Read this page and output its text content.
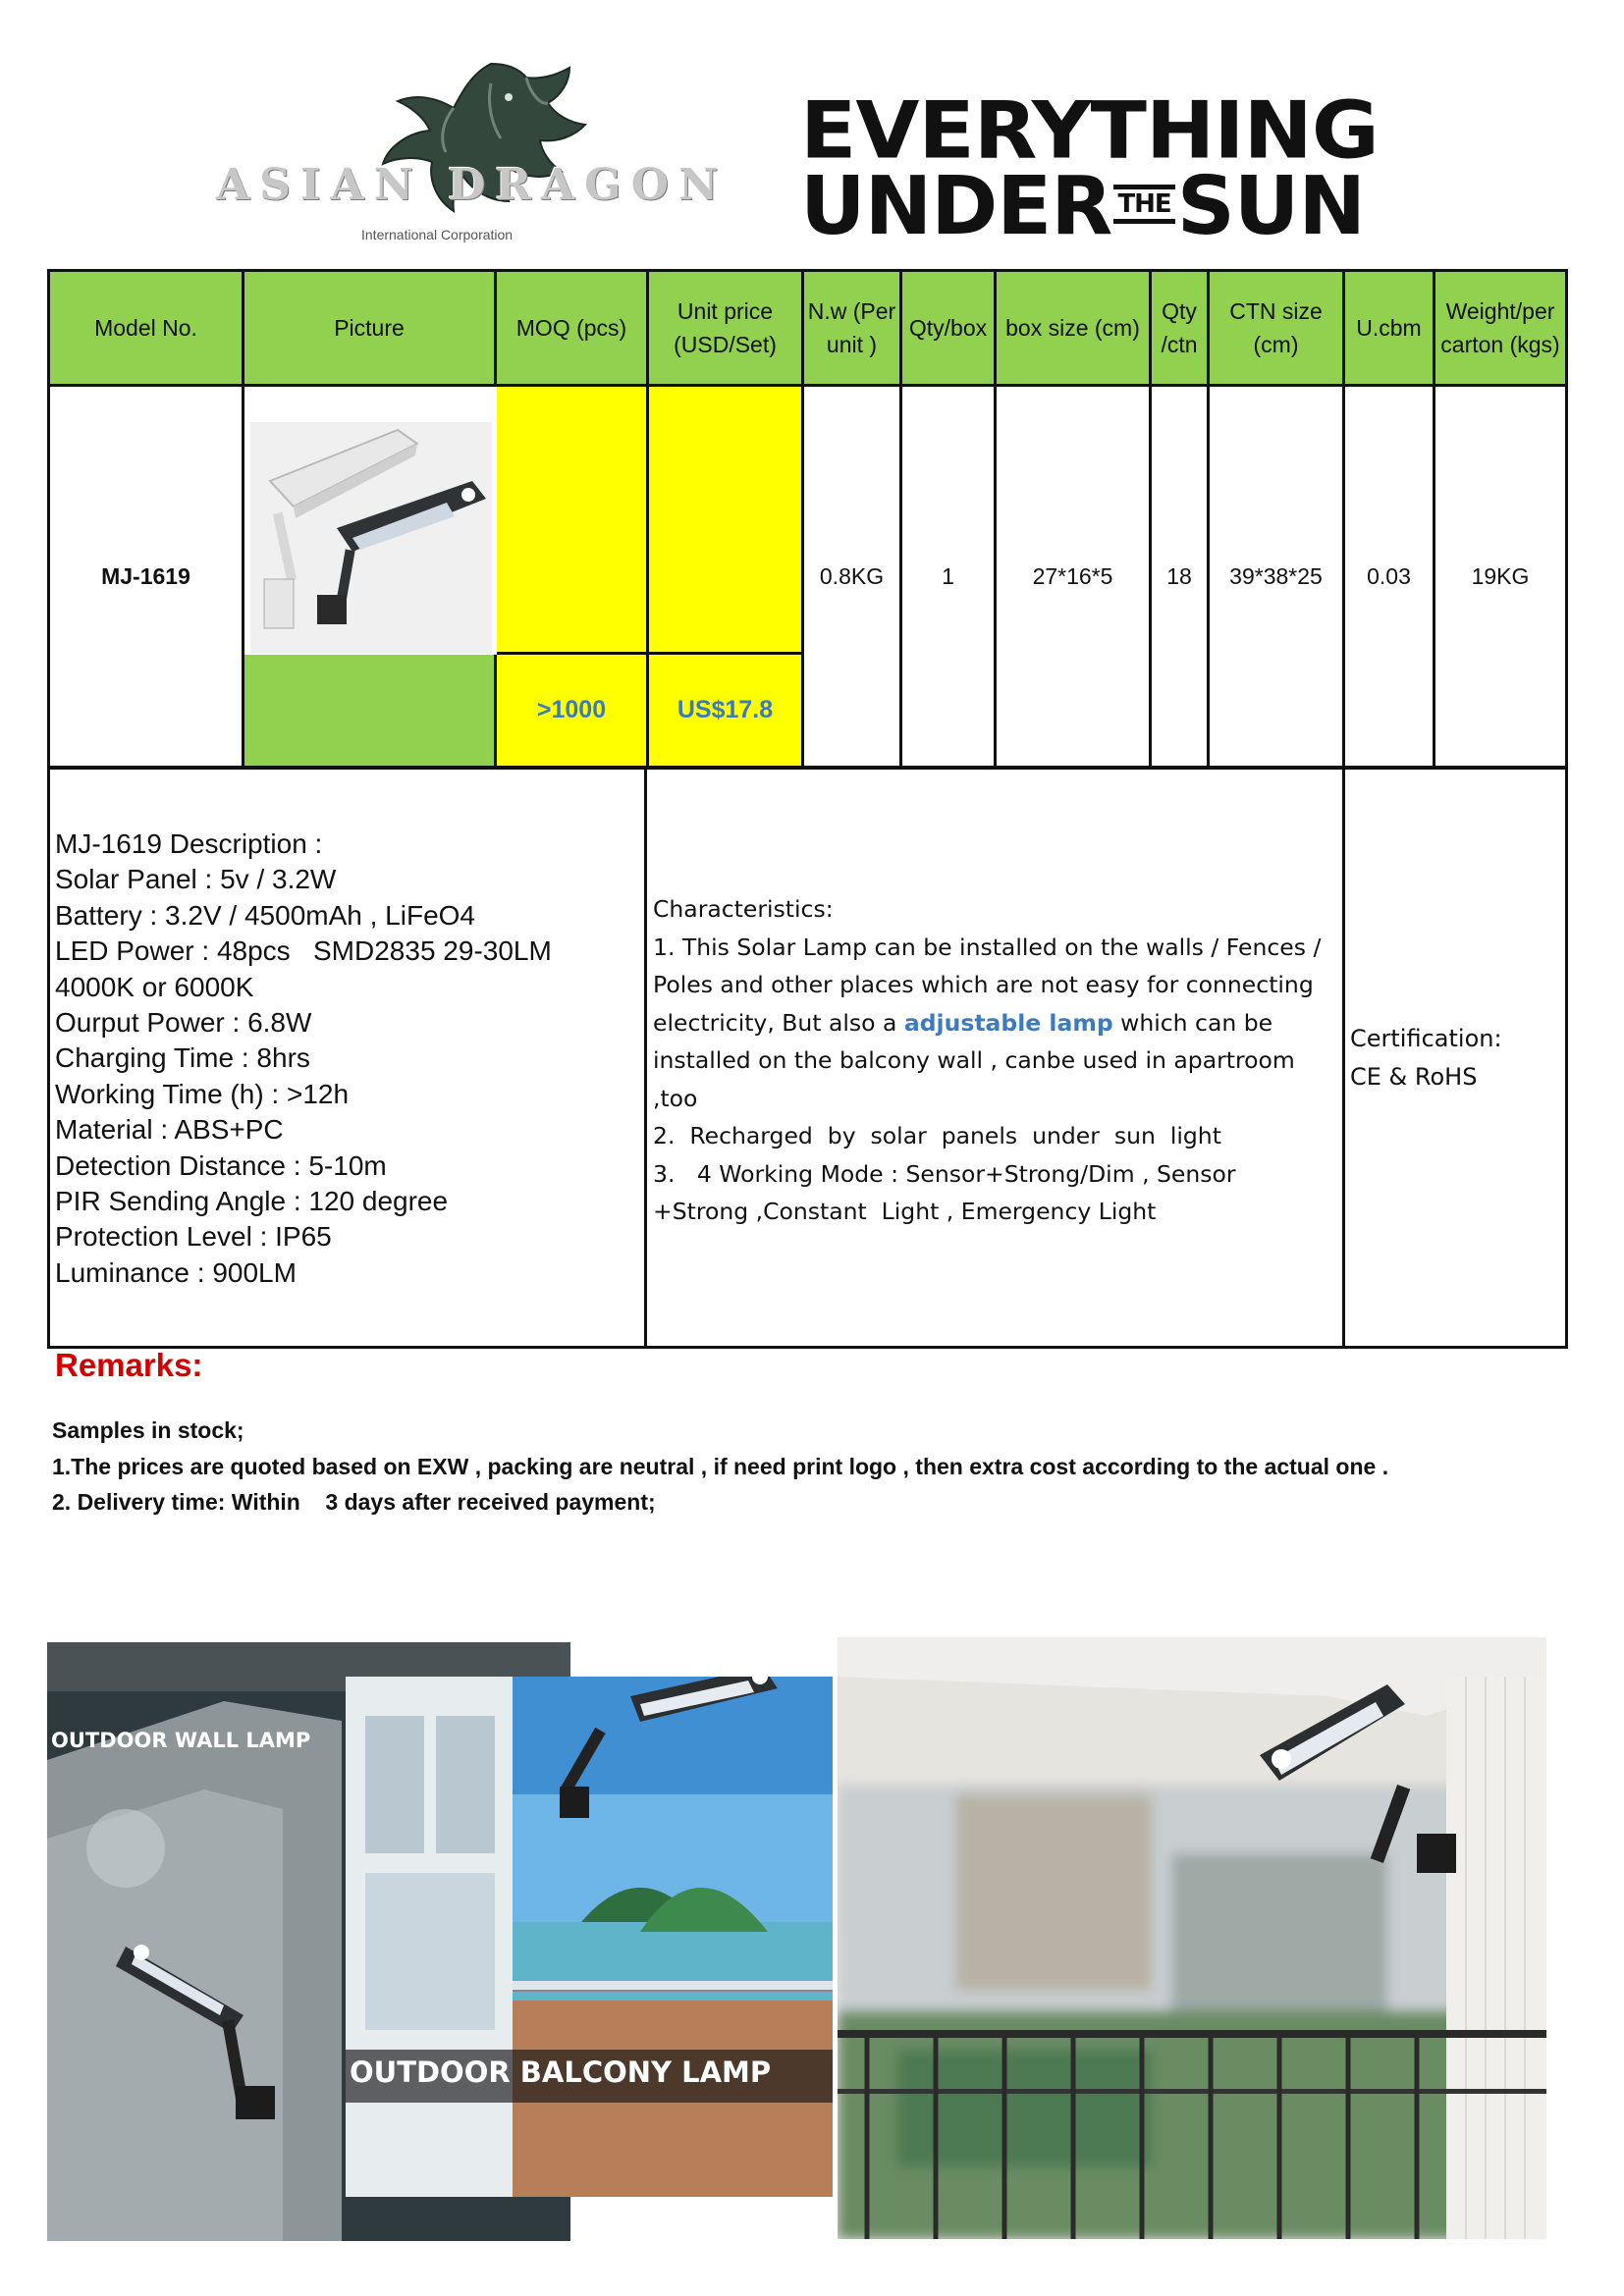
ASIAN DRAGON
International Corporation
EVERYTHING
UNDER THESUN
Model No.	Picture	MOQ (pcs)	Unit price (USD/Set)	N.w (Per unit )	Qty/box	box size (cm)	Qty /ctn	CTN size (cm)	U.cbm	Weight/per carton (kgs)
MJ-1619				0.8KG	1	27*16*5	18	39*38*25	0.03	19KG
		>1000	US$17.8							
MJ-1619 Description :
Solar Panel : 5v / 3.2W
Battery : 3.2V / 4500mAh , LiFeO4
LED Power : 48pcs   SMD2835 29-30LM
4000K or 6000K
Ourput Power : 6.8W
Charging Time : 8hrs
Working Time (h) : >12h
Material : ABS+PC
Detection Distance : 5-10m
PIR Sending Angle : 120 degree
Protection Level : IP65
Luminance : 900LM

Characteristics:
1. This Solar Lamp can be installed on the walls / Fences / Poles and other places which are not easy for connecting electricity, But also a adjustable lamp which can be installed on the balcony wall , canbe used in apartroom ,too
2.  Recharged  by  solar  panels  under  sun  light
3.   4 Working Mode : Sensor+Strong/Dim , Sensor +Strong ,Constant  Light , Emergency Light

Certification:
CE & RoHS
Remarks:
Samples in stock;
1.The prices are quoted based on EXW , packing are neutral , if need print logo , then extra cost according to the actual one .
2. Delivery time: Within    3 days after received payment;
OUTDOOR WALL LAMP
OUTDOOR BALCONY LAMP
